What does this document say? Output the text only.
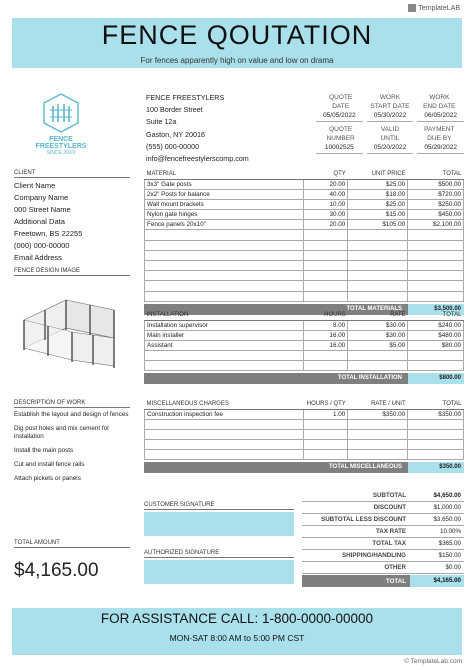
TemplateLAB
FENCE QOUTATION
For fences apparently high on value and low on drama
FENCE FREESTYLERS
SINCE 20XX
FENCE FREESTYLERS
100 Border Street
Suite 12a
Gaston, NY 20016
(555) 000-00000
info@fencefreestylerscomp.com
QUOTE	WORK	WORK
DATE	START DATE	END DATE
05/05/2022	05/30/2022	06/05/2022
QUOTE	VALID	PAYMENT
NUMBER	UNTIL	DUE BY
10002525	05/20/2022	05/29/2022
CLIENT
Client Name
Company Name
000 Street Name
Additional Data
Freetown, BS 22255
(000) 000-00000
Email Address
FENCE DESIGN IMAGE
MATERIAL	QTY	UNIT PRICE	TOTAL
3x3" Gate posts	20.00	$25.00	$500.00
2x2" Posts for balance	40.00	$18.00	$720.00
Wall mount brackets	10.00	$25.00	$250.00
Nylon gate hinges	30.00	$15.00	$450.00
Fence panels 20x10"	20.00	$105.00	$2,100.00

TOTAL MATERIALS	$3,500.00
INSTALLATION	HOURS	RATE	TOTAL
Installation supervisor	8.00	$30.00	$240.00
Main installer	16.00	$30.00	$480.00
Assistant	16.00	$5.00	$80.00

TOTAL INSTALLATION	$800.00
DESCRIPTION OF WORK
Establish the layout and design of fences
Dig post holes and mix cement for installation
Install the main posts
Cut and install fence rails
Attach pickets or panels
MISCELLANEOUS CHARGES	HOURS / QTY	RATE / UNIT	TOTAL
Construction inspection fee	1.00	$350.00	$350.00

TOTAL MISCELLANEOUS	$350.00
CUSTOMER SIGNATURE
AUTHORIZED SIGNATURE
TOTAL AMOUNT
$4,165.00
SUBTOTAL	$4,650.00
DISCOUNT	$1,000.00
SUBTOTAL LESS DISCOUNT	$3,650.00
TAX RATE	10.00%
TOTAL TAX	$365.00
SHIPPING/HANDLING	$150.00
OTHER	$0.00
TOTAL	$4,165.00
FOR ASSISTANCE CALL: 1-800-0000-00000
MON-SAT 8:00 AM to 5:00 PM CST
© TemplateLab.com
